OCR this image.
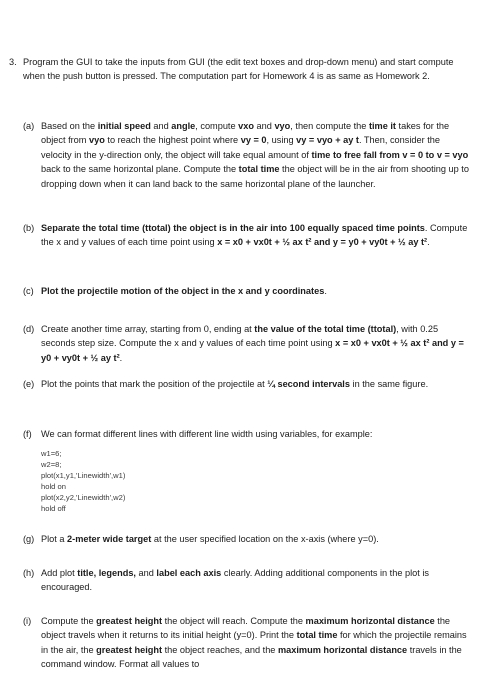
3. Program the GUI to take the inputs from GUI (the edit text boxes and drop-down menu) and start compute when the push button is pressed. The computation part for Homework 4 is as same as Homework 2.
(a) Based on the initial speed and angle, compute vxo and vyo, then compute the time it takes for the object from vyo to reach the highest point where vy = 0, using vy = vyo + ay t. Then, consider the velocity in the y-direction only, the object will take equal amount of time to free fall from v = 0 to v = vyo back to the same horizontal plane. Compute the total time the object will be in the air from shooting up to dropping down when it can land back to the same horizontal plane of the launcher.
(b) Separate the total time (ttotal) the object is in the air into 100 equally spaced time points. Compute the x and y values of each time point using x = x0 + vx0t + ½ ax t² and y = y0 + vy0t + ½ ay t².
(c) Plot the projectile motion of the object in the x and y coordinates.
(d) Create another time array, starting from 0, ending at the value of the total time (ttotal), with 0.25 seconds step size. Compute the x and y values of each time point using x = x0 + vx0t + ½ ax t² and y = y0 + vy0t + ½ ay t².
(e) Plot the points that mark the position of the projectile at ¼ second intervals in the same figure.
(f) We can format different lines with different line width using variables, for example:
w1=6;
w2=8;
plot(x1,y1,'Linewidth',w1)
hold on
plot(x2,y2,'Linewidth',w2)
hold off
(g) Plot a 2-meter wide target at the user specified location on the x-axis (where y=0).
(h) Add plot title, legends, and label each axis clearly. Adding additional components in the plot is encouraged.
(i) Compute the greatest height the object will reach. Compute the maximum horizontal distance the object travels when it returns to its initial height (y=0). Print the total time for which the projectile remains in the air, the greatest height the object reaches, and the maximum horizontal distance travels in the command window. Format all values to
